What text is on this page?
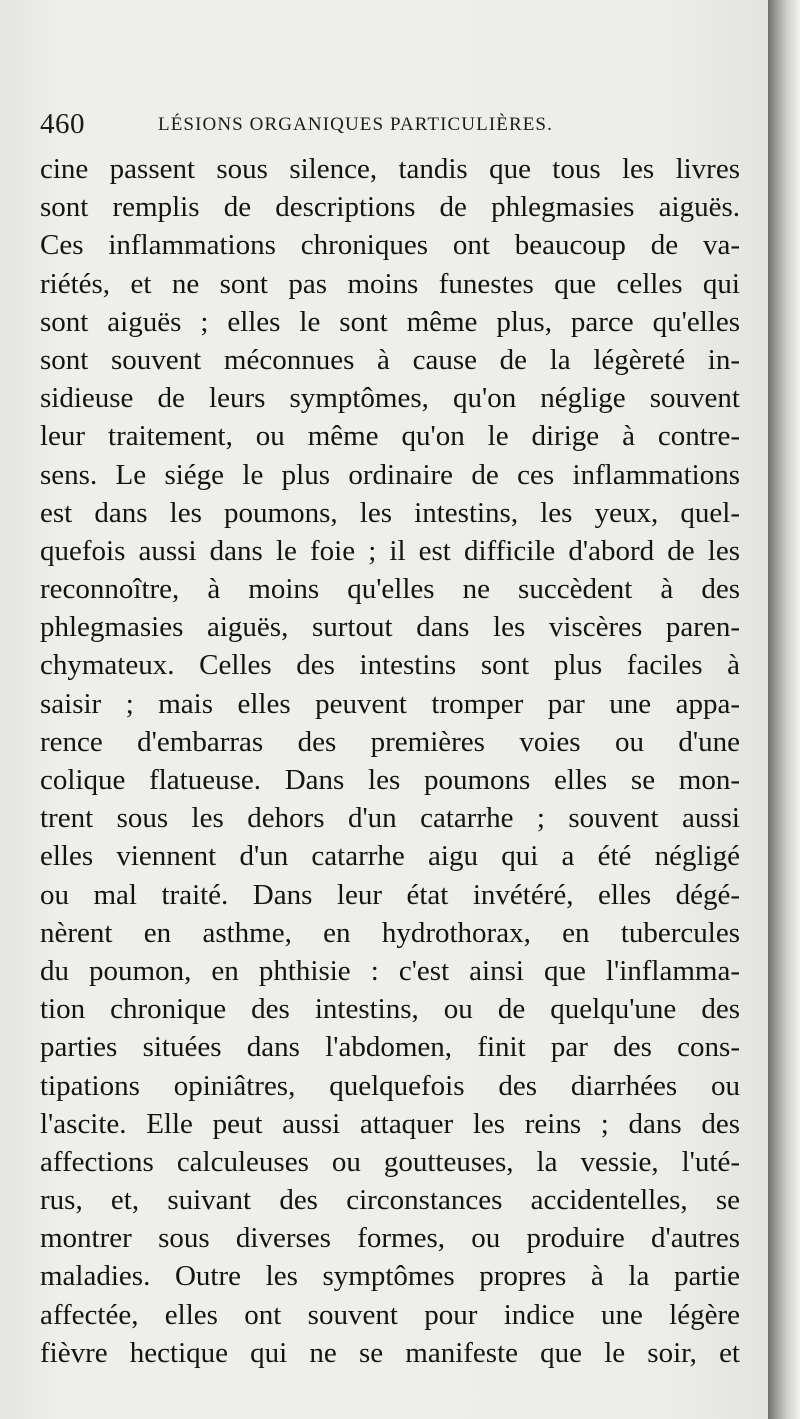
460	LÉSIONS ORGANIQUES PARTICULIÈRES.
cine passent sous silence, tandis que tous les livres
sont remplis de descriptions de phlegmasies aiguës.
Ces inflammations chroniques ont beaucoup de va-
riétés, et ne sont pas moins funestes que celles qui
sont aiguës ; elles le sont même plus, parce qu'elles
sont souvent méconnues à cause de la légèreté in-
sidieuse de leurs symptômes, qu'on néglige souvent
leur traitement, ou même qu'on le dirige à contre-
sens. Le siége le plus ordinaire de ces inflammations
est dans les poumons, les intestins, les yeux, quel-
quefois aussi dans le foie ; il est difficile d'abord de les
reconnoître, à moins qu'elles ne succèdent à des
phlegmasies aiguës, surtout dans les viscères paren-
chymateux. Celles des intestins sont plus faciles à
saisir ; mais elles peuvent tromper par une appa-
rence d'embarras des premières voies ou d'une
colique flatueuse. Dans les poumons elles se mon-
trent sous les dehors d'un catarrhe ; souvent aussi
elles viennent d'un catarrhe aigu qui a été négligé
ou mal traité. Dans leur état invétéré, elles dégé-
nèrent en asthme, en hydrothorax, en tubercules
du poumon, en phthisie : c'est ainsi que l'inflamma-
tion chronique des intestins, ou de quelqu'une des
parties situées dans l'abdomen, finit par des cons-
tipations opiniâtres, quelquefois des diarrhées ou
l'ascite. Elle peut aussi attaquer les reins ; dans des
affections calculeuses ou goutteuses, la vessie, l'uté-
rus, et, suivant des circonstances accidentelles, se
montrer sous diverses formes, ou produire d'autres
maladies. Outre les symptômes propres à la partie
affectée, elles ont souvent pour indice une légère
fièvre hectique qui ne se manifeste que le soir, et
